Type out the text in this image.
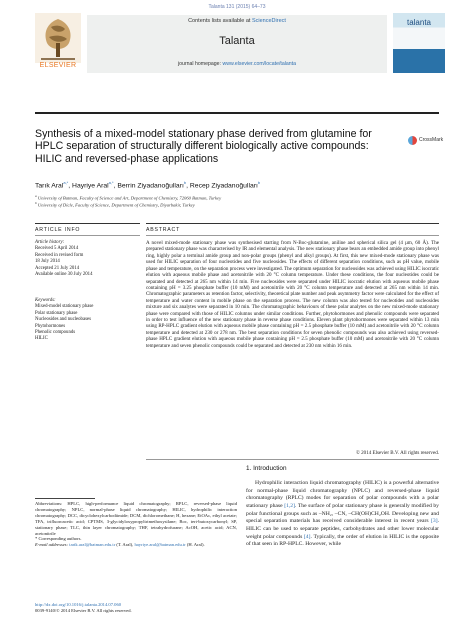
Talanta 131 (2015) 64–73
ELSEVIER
Contents lists available at ScienceDirect
Talanta
journal homepage: www.elsevier.com/locate/talanta
talanta
Synthesis of a mixed-model stationary phase derived from glutamine for HPLC separation of structurally different biologically active compounds: HILIC and reversed-phase applications
CrossMark
Tarık Aral$^{a,*}$, Hayriye Aral$^{a,*}$, Berrin Ziyadanoğulları$^b$, Recep Ziyadanoğulları$^b$
$^a$ University of Batman, Faculty of Science and Art, Department of Chemistry, 72060 Batman, Turkey
$^b$ University of Dicle, Faculty of Science, Department of Chemistry, Diyarbakir, Turkey
ARTICLE INFO	ABSTRACT
Article history:
Received 5 April 2014
Received in revised form
18 July 2014
Accepted 21 July 2014
Available online 30 July 2014
Keywords:
Mixed-model stationary phase
Polar stationary phase
Nucleosides and nucleobases
Phytohormones
Phenolic compounds
HILIC
A novel mixed-mode stationary phase was synthesised starting from N-Boc-glutamine, aniline and spherical silica gel (4 µm, 60 Å). The prepared stationary phase was characterised by IR and elemental analysis. The new stationary phase bears an embedded amide group into phenyl ring, highly polar a terminal amide group and non-polar groups (phenyl and alkyl groups). At first, this new mixed-mode stationary phase was used for HILIC separation of four nucleotides and five nucleosides. The effects of different separation conditions, such as pH value, mobile phase and temperature, on the separation process were investigated. The optimum separation for nucleosides was achieved using HILIC isocratic elution with aqueous mobile phase and acetonitrile with 20 °C column temperature. Under these conditions, the four nucleotides could be separated and detected at 265 nm within 14 min. Five nucleosides were separated under HILIC isocratic elution with aqueous mobile phase containing pH = 3.25 phosphate buffer (10 mM) and acetonitrile with 20 °C column temperature and detected at 265 nm within 14 min. Chromatographic parameters as retention factor, selectivity, theoretical plate number and peak asymmetry factor were calculated for the effect of temperature and water content in mobile phase on the separation process. The new column was also tested for nucleotides and nucleosides mixture and six analytes were separated in 10 min. The chromatographic behaviours of these polar analytes on the new mixed-mode stationary phase were compared with those of HILIC columns under similar conditions. Further, phytohormones and phenolic compounds were separated in order to test influence of the new stationary phase in reverse phase conditions. Eleven plant phytohormones were separated within 13 min using RP-HPLC gradient elution with aqueous mobile phase containing pH = 2.5 phosphate buffer (10 mM) and acetonitrile with 20 °C column temperature and detected at 230 or 278 nm. The best separation conditions for seven phenolic compounds was also achieved using reversed-phase HPLC gradient elution with aqueous mobile phase containing pH = 2.5 phosphate buffer (10 mM) and acetonitrile with 20 °C column temperature and seven phenolic compounds could be separated and detected at 230 nm within 16 min.
© 2014 Elsevier B.V. All rights reserved.
1. Introduction
Hydrophilic interaction liquid chromatography (HILIC) is a powerful alternative for normal-phase liquid chromatography (NPLC) and reversed-phase liquid chromatography (RPLC) modes for separation of polar compounds with a polar stationary phase [1,2]. The surface of polar stationary phase is generally modified by polar functional groups such as –NH₂, –CN, –CH(OH)CH₂OH. Developing new and special separation materials has received considerable interest in recent years [3]. HILIC can be used to separate peptides, carbohydrates and other lower molecular weight polar compounds [4]. Typically, the order of elution in HILIC is the opposite of that seen in RP-HPLC. However, while
Abbreviations: HPLC, high-performance liquid chromatography; RPLC, reversed-phase liquid chromatography; NPLC, normal-phase liquid chromatography; HILIC, hydrophilic interaction chromatography; DCC, dicyclohexylcarbodiimide; DCM, dichloromethane; H, hexane; EtOAc, ethyl acetate; TFA, trifluoroacetic acid; CPTMS, 3-glycidyloxypropyltrimethoxysilane; Boc, tert-butoxycarbonyl; SP, stationary phase; TLC, thin layer chromatography; THF, tetrahydrofurane; AcOH, acetic acid; ACN, acetonitrile
* Corresponding authors.
E-mail addresses: tarik.aral@batman.edu.tr (T. Aral), hayriye.aral@batman.edu.tr (H. Aral).
http://dx.doi.org/10.1016/j.talanta.2014.07.060
0039-9140/© 2014 Elsevier B.V. All rights reserved.
